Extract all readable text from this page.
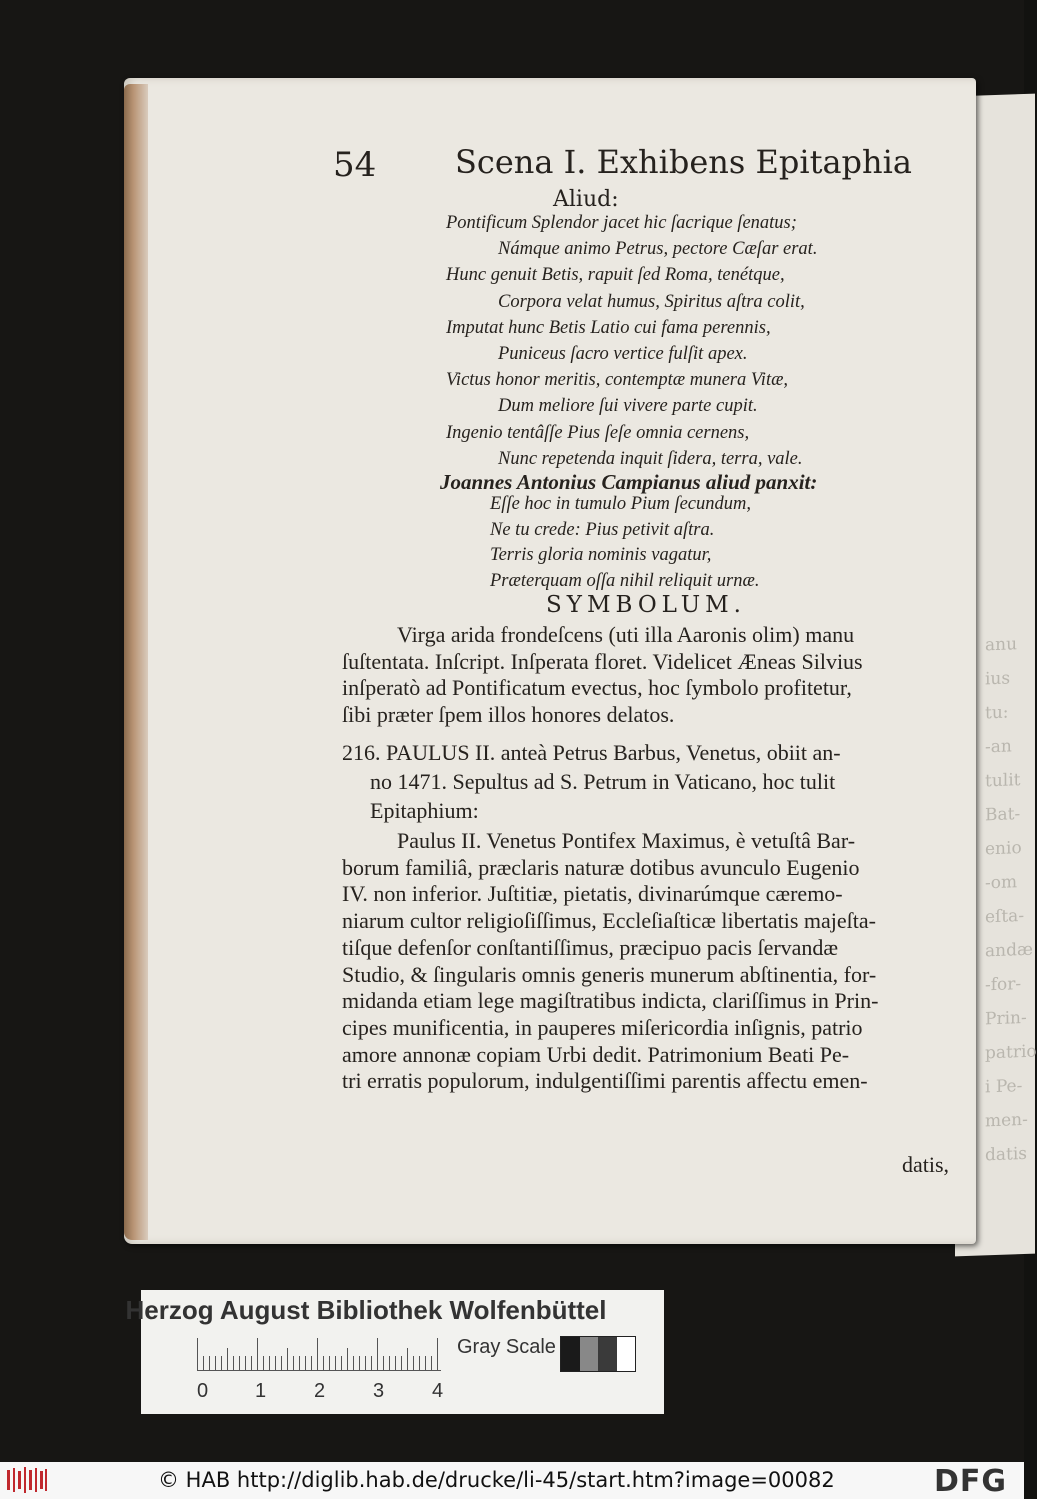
anu
ius
tu:
-an
tulit
Bat-
enio
-om
eſta-
andæ
-for-
Prin-
patrio
i Pe-
men-
datis
54 Scena I. Exhibens Epitaphia
Aliud:
Pontificum Splendor jacet hic ſacrique ſenatus;
Námque animo Petrus, pectore Cæſar erat.
Hunc genuit Betis, rapuit ſed Roma, tenétque,
Corpora velat humus, Spiritus aſtra colit,
Imputat hunc Betis Latio cui fama perennis,
Puniceus ſacro vertice fulſit apex.
Victus honor meritis, contemptæ munera Vitæ,
Dum meliore ſui vivere parte cupit.
Ingenio tentâſſe Pius ſeſe omnia cernens,
Nunc repetenda inquit ſidera, terra, vale.
Joannes Antonius Campianus aliud panxit:
Eſſe hoc in tumulo Pium ſecundum,
Ne tu crede: Pius petivit aſtra.
Terris gloria nominis vagatur,
Præterquam oſſa nihil reliquit urnæ.
SYMBOLUM.
Virga arida frondeſcens (uti illa Aaronis olim) manu
ſuſtentata. Inſcript. Inſperata floret. Videlicet Æneas Silvius
inſperatò ad Pontificatum evectus, hoc ſymbolo profitetur,
ſibi præter ſpem illos honores delatos.
216. PAULUS II. anteà Petrus Barbus, Venetus, obiit an-
no 1471. Sepultus ad S. Petrum in Vaticano, hoc tulit
Epitaphium:
Paulus II. Venetus Pontifex Maximus, è vetuſtâ Bar-
borum familiâ, præclaris naturæ dotibus avunculo Eugenio
IV. non inferior. Juſtitiæ, pietatis, divinarúmque cæremo-
niarum cultor religioſiſſimus, Eccleſiaſticæ libertatis majeſta-
tiſque defenſor conſtantiſſimus, præcipuo pacis ſervandæ
Studio, & ſingularis omnis generis munerum abſtinentia, for-
midanda etiam lege magiſtratibus indicta, clariſſimus in Prin-
cipes munificentia, in pauperes miſericordia inſignis, patrio
amore annonæ copiam Urbi dedit. Patrimonium Beati Pe-
tri erratis populorum, indulgentiſſimi parentis affectu emen-
datis,
Herzog August Bibliothek Wolfenbüttel
0 1 2 3 4
Gray Scale
© HAB http://diglib.hab.de/drucke/li-45/start.htm?image=00082	DFG
